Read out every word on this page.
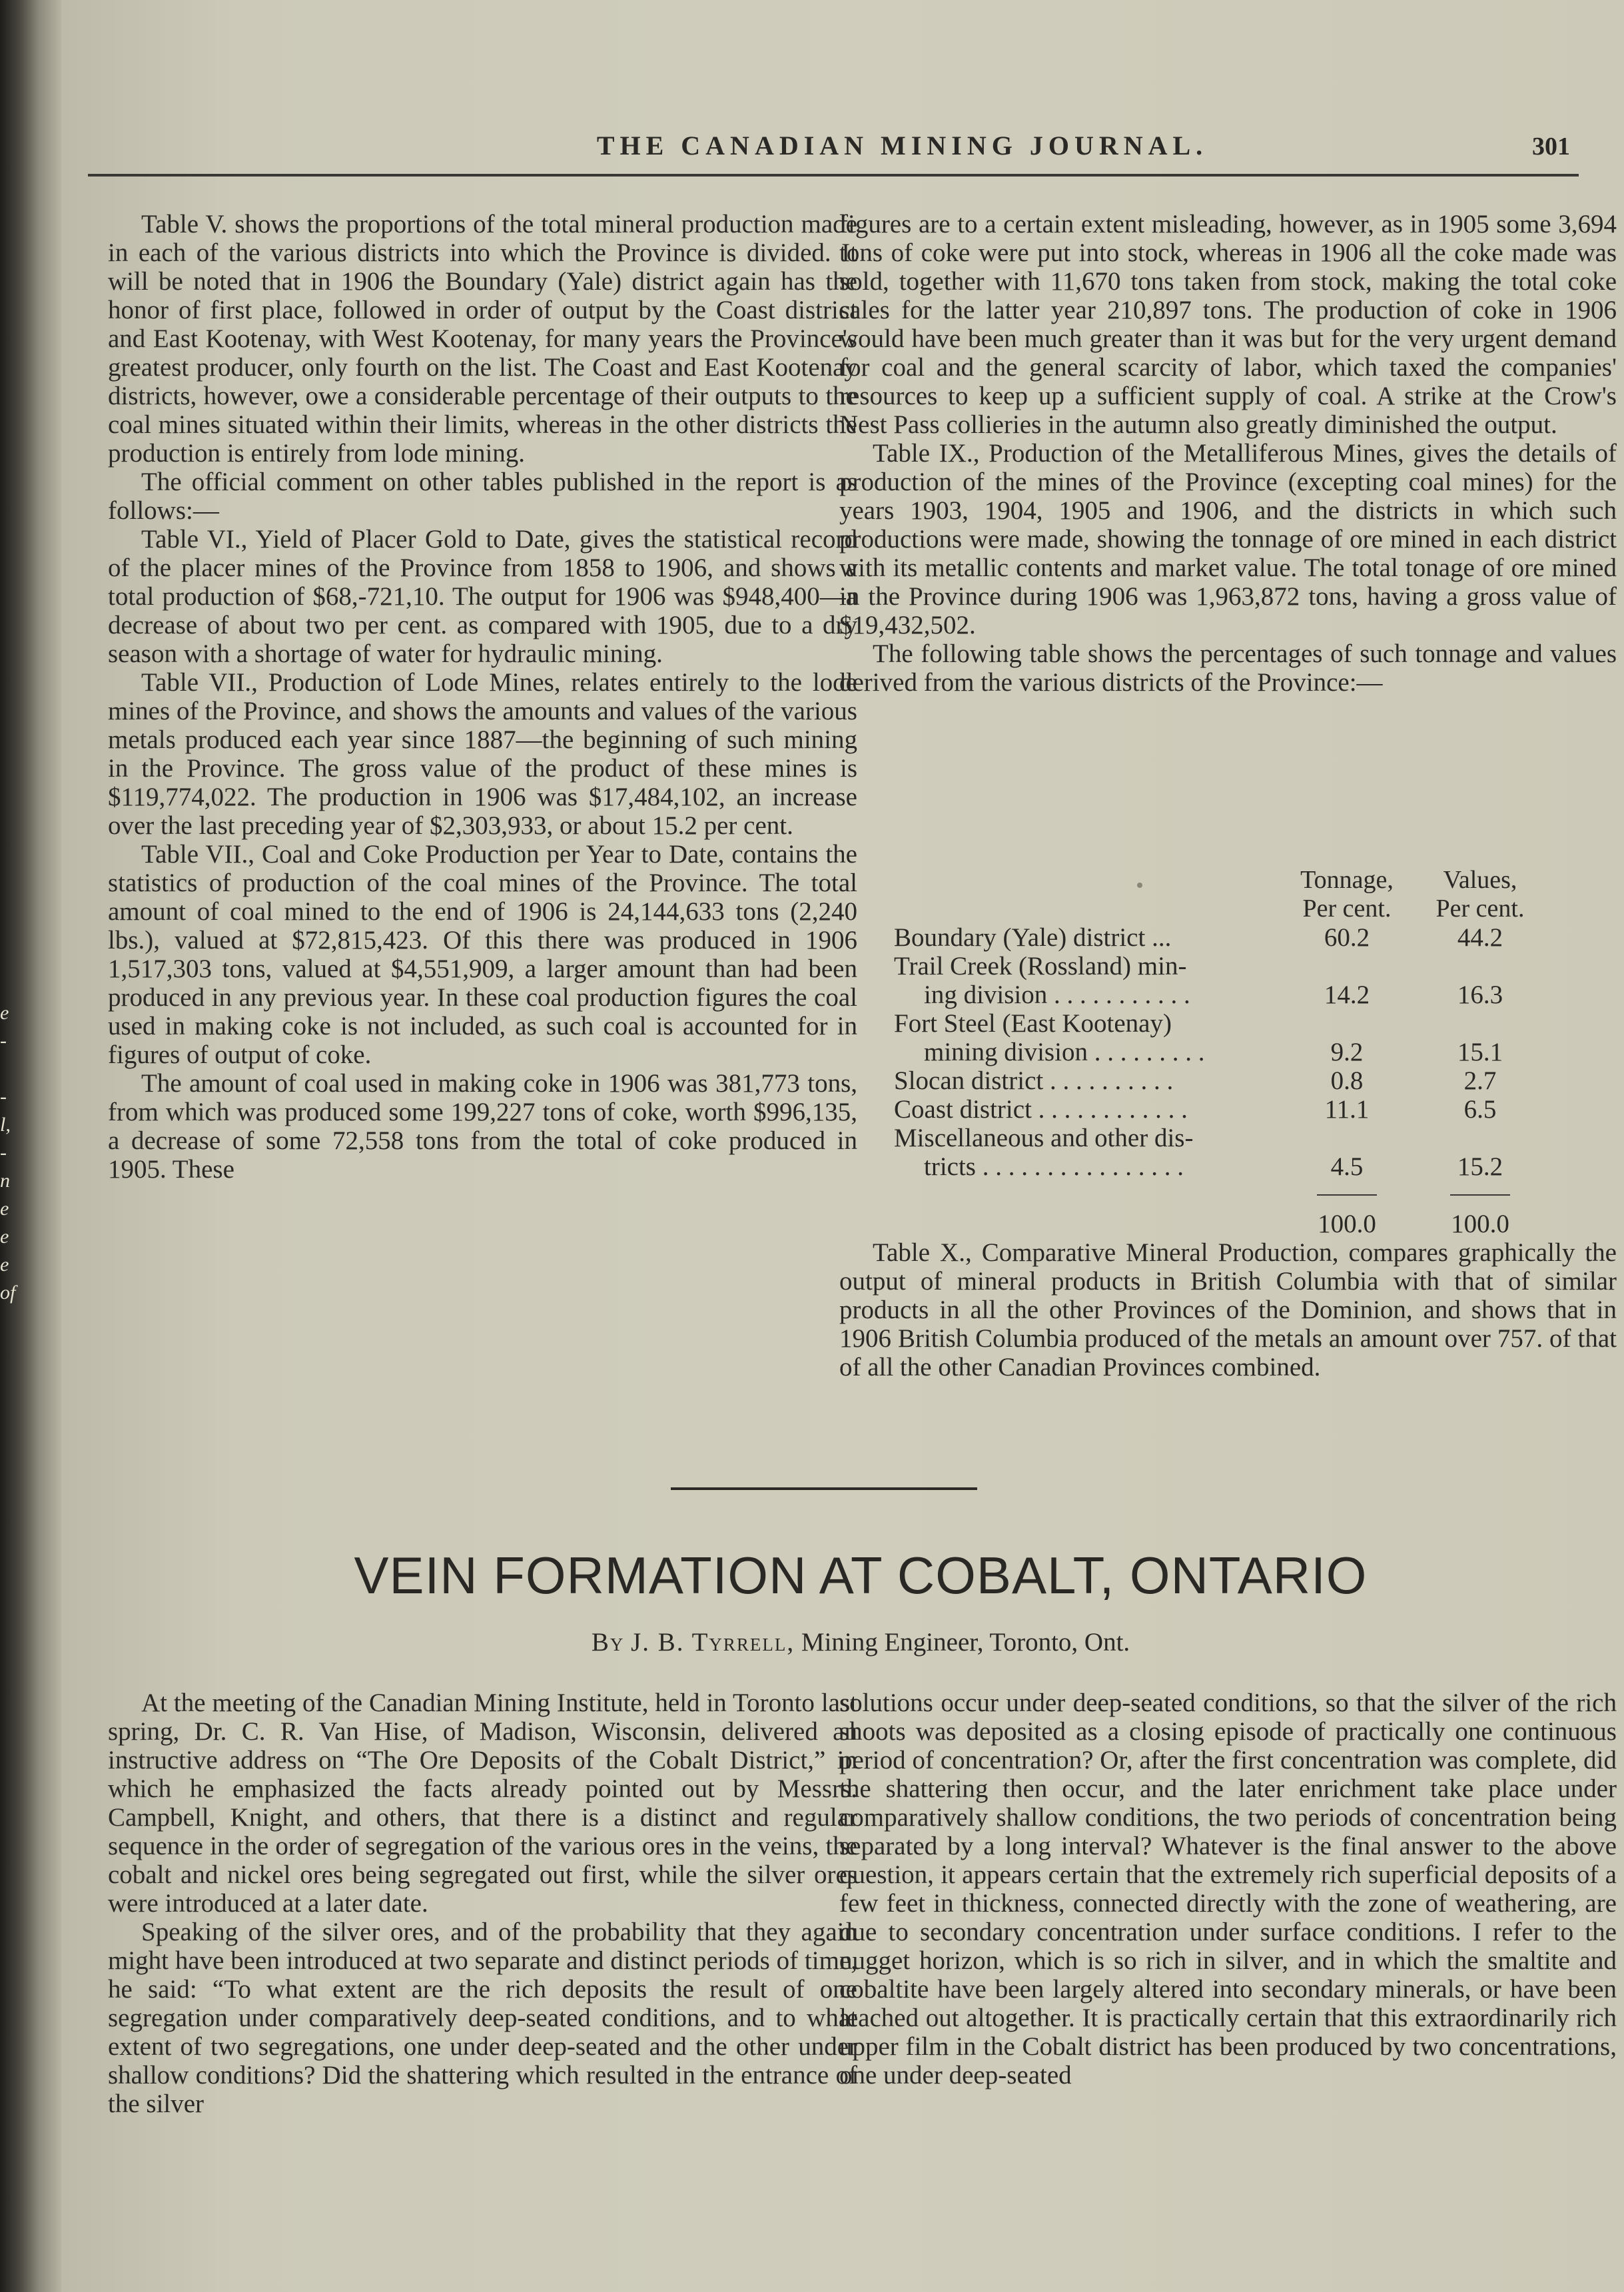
e
-
-
l,
-
n
e
e
e
of
THE CANADIAN MINING JOURNAL.	301

Table V. shows the proportions of the total mineral production made in each of the various districts into which the Province is divided. It will be noted that in 1906 the Boundary (Yale) district again has the honor of first place, followed in order of output by the Coast district and East Kootenay, with West Kootenay, for many years the Province's greatest producer, only fourth on the list. The Coast and East Kootenay districts, however, owe a considerable percentage of their outputs to the coal mines situated within their limits, whereas in the other districts the production is entirely from lode mining.

The official comment on other tables published in the report is as follows:—

Table VI., Yield of Placer Gold to Date, gives the statistical record of the placer mines of the Province from 1858 to 1906, and shows a total production of $68,-721,10. The output for 1906 was $948,400—a decrease of about two per cent. as compared with 1905, due to a dry season with a shortage of water for hydraulic mining.

Table VII., Production of Lode Mines, relates entirely to the lode mines of the Province, and shows the amounts and values of the various metals produced each year since 1887—the beginning of such mining in the Province. The gross value of the product of these mines is $119,774,022. The production in 1906 was $17,484,102, an increase over the last preceding year of $2,303,933, or about 15.2 per cent.

Table VII., Coal and Coke Production per Year to Date, contains the statistics of production of the coal mines of the Province. The total amount of coal mined to the end of 1906 is 24,144,633 tons (2,240 lbs.), valued at $72,815,423. Of this there was produced in 1906 1,517,303 tons, valued at $4,551,909, a larger amount than had been produced in any previous year. In these coal production figures the coal used in making coke is not included, as such coal is accounted for in figures of output of coke.

The amount of coal used in making coke in 1906 was 381,773 tons, from which was produced some 199,227 tons of coke, worth $996,135, a decrease of some 72,558 tons from the total of coke produced in 1905. These

figures are to a certain extent misleading, however, as in 1905 some 3,694 tons of coke were put into stock, whereas in 1906 all the coke made was sold, together with 11,670 tons taken from stock, making the total coke sales for the latter year 210,897 tons. The production of coke in 1906 would have been much greater than it was but for the very urgent demand for coal and the general scarcity of labor, which taxed the companies' resources to keep up a sufficient supply of coal. A strike at the Crow's Nest Pass collieries in the autumn also greatly diminished the output.

Table IX., Production of the Metalliferous Mines, gives the details of production of the mines of the Province (excepting coal mines) for the years 1903, 1904, 1905 and 1906, and the districts in which such productions were made, showing the tonnage of ore mined in each district with its metallic contents and market value. The total tonage of ore mined in the Province during 1906 was 1,963,872 tons, having a gross value of $19,432,502.

The following table shows the percentages of such tonnage and values derived from the various districts of the Province:—

Tonnage,	Values,
Per cent.	Per cent.
Boundary (Yale) district ...	60.2	44.2
Trail Creek (Rossland) min-
ing division . . . . . . . . . . .	14.2	16.3
Fort Steel (East Kootenay)
mining division . . . . . . . . .	9.2	15.1
Slocan district . . . . . . . . . .	0.8	2.7
Coast district . . . . . . . . . . . .	11.1	6.5
Miscellaneous and other dis-
tricts . . . . . . . . . . . . . . . .	4.5	15.2
100.0	100.0

Table X., Comparative Mineral Production, compares graphically the output of mineral products in British Columbia with that of similar products in all the other Provinces of the Dominion, and shows that in 1906 British Columbia produced of the metals an amount over 757. of that of all the other Canadian Provinces combined.

VEIN FORMATION AT COBALT, ONTARIO
By J. B. Tyrrell, Mining Engineer, Toronto, Ont.

At the meeting of the Canadian Mining Institute, held in Toronto last spring, Dr. C. R. Van Hise, of Madison, Wisconsin, delivered an instructive address on “The Ore Deposits of the Cobalt District,” in which he emphasized the facts already pointed out by Messrs. Campbell, Knight, and others, that there is a distinct and regular sequence in the order of segregation of the various ores in the veins, the cobalt and nickel ores being segregated out first, while the silver ores were introduced at a later date.

Speaking of the silver ores, and of the probability that they again might have been introduced at two separate and distinct periods of time, he said: “To what extent are the rich deposits the result of one segregation under comparatively deep-seated conditions, and to what extent of two segregations, one under deep-seated and the other under shallow conditions? Did the shattering which resulted in the entrance of the silver

solutions occur under deep-seated conditions, so that the silver of the rich shoots was deposited as a closing episode of practically one continuous period of concentration? Or, after the first concentration was complete, did the shattering then occur, and the later enrichment take place under comparatively shallow conditions, the two periods of concentration being separated by a long interval? Whatever is the final answer to the above question, it appears certain that the extremely rich superficial deposits of a few feet in thickness, connected directly with the zone of weathering, are due to secondary concentration under surface conditions. I refer to the nugget horizon, which is so rich in silver, and in which the smaltite and cobaltite have been largely altered into secondary minerals, or have been leached out altogether. It is practically certain that this extraordinarily rich upper film in the Cobalt district has been produced by two concentrations, one under deep-seated
